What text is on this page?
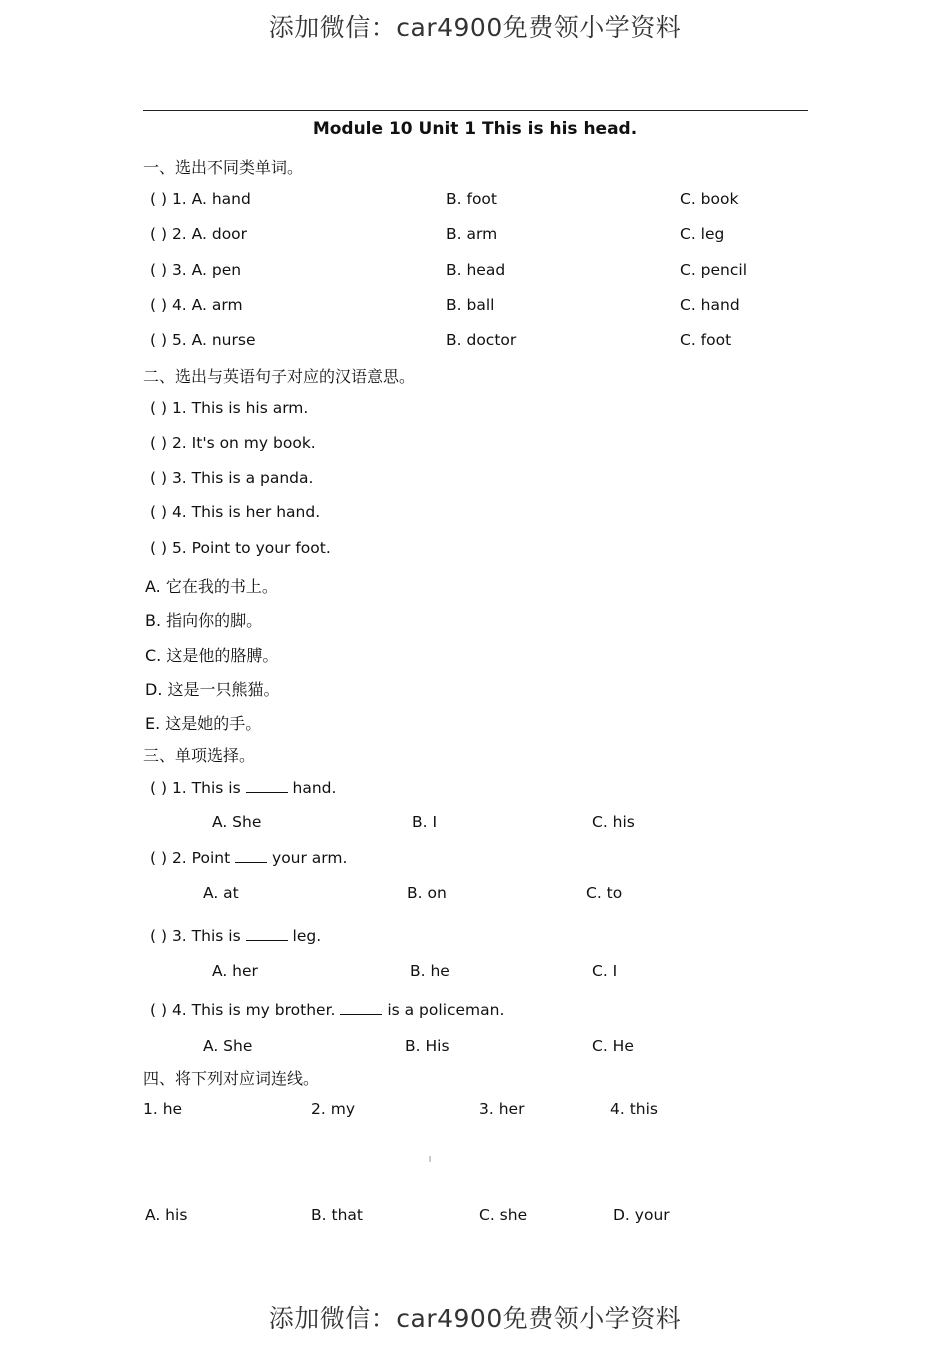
添加微信：car4900免费领小学资料
Module 10 Unit 1 This is his head.
一、选出不同类单词。
( ) 1. A. hand	B. foot	C. book
( ) 2. A. door	B. arm	C. leg
( ) 3. A. pen	B. head	C. pencil
( ) 4. A. arm	B. ball	C. hand
( ) 5. A. nurse	B. doctor	C. foot
二、选出与英语句子对应的汉语意思。
( ) 1. This is his arm.
( ) 2. It's on my book.
( ) 3. This is a panda.
( ) 4. This is her hand.
( ) 5. Point to your foot.
A. 它在我的书上。
B. 指向你的脚。
C. 这是他的胳膊。
D. 这是一只熊猫。
E. 这是她的手。
三、单项选择。
( ) 1. This is	hand.
A. She	B. I	C. his
( ) 2. Point	your arm.
A. at	B. on	C. to
( ) 3. This is	leg.
A. her	B. he	C. I
( ) 4. This is my brother.	is a policeman.
A. She	B. His	C. He
四、将下列对应词连线。
1. he	2. my	3. her	4. this
A. his	B. that	C. she	D. your
添加微信：car4900免费领小学资料
